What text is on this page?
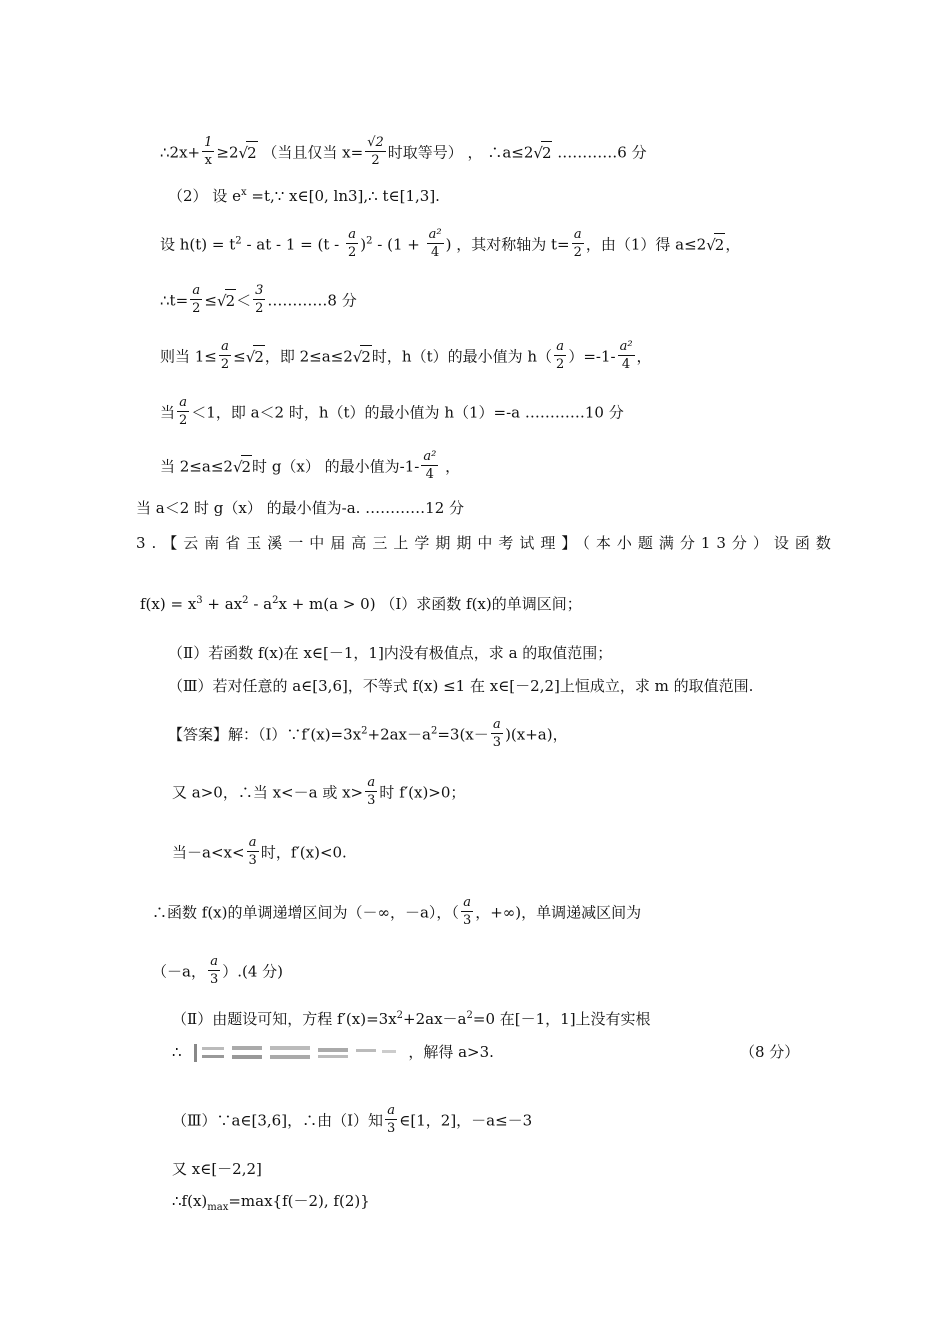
∴2x+ $\frac{1}{x} \ge 2√2$ （当且仅当 $x= \frac{√2}{2}$ 时取等号） ， ∴a≤2√2 …………6 分
（2） 设 $e^x$ =t,∵ x∈[0, ln3],∴ t∈[1,3].
设 $h(t) = t^2$ - at - $1 = (t - \frac{a}{2} )^2 - (1 + \frac{\text{a²}}{4}$ ) ，其对称轴为 $t= \frac{a}{2}$ ，由（1）得 a≤2√2，
∴t= $\frac{a}{2} \le√2< \frac{3}{2}$ …………8 分
则当 $1\le \frac{a}{2} \le√2$，即 2≤a≤2√2时，h（t）的最小值为 $h( \frac{a}{2} )=-1- \frac{\text{a²}}{4}$ ，
当 $\frac{a}{2} <1$，即 a＜2 时，h（t）的最小值为 h（1）=-a …………10 分
当 2≤a≤2√2时 g（x） 的最小值为$-1- \frac{\text{a²}}{4}$ ，
当 a＜2 时 g（x） 的最小值为-a. …………12 分
3.【云南省玉溪一中届高三上学期期中考试理】（本小题满分13分）设函数
$f(x) = x^3 + ax^2 - a^2x + m(a > 0)$ （Ⅰ）求函数 f(x)的单调区间；
（Ⅱ）若函数 f(x)在 x∈[－1，1]内没有极值点，求 a 的取值范围；
（Ⅲ）若对任意的 a∈[3,6]，不等式 f(x) ≤1 在 x∈[－2,2]上恒成立，求 m 的取值范围.
【答案】解：$(Ⅰ)\because f'(x)=3x^2+2ax-a^2=3(x- \frac{a}{3} )(x+a)$，
又 a>0，∴当 x<－a 或 $x> \frac{a}{3}$ 时 f′(x)>0；
当$-a<x< \frac{a}{3}$ 时，f′(x)<0.
∴函数 f(x)的单调递增区间为（－∞，－a），（ $\frac{a}{3}$ ，+∞)，单调递减区间为
（－a， $\frac{a}{3} ).(4$ 分)
（Ⅱ）由题设可知，方程 $f'(x)=3x^2+2ax-a^2=0$ 在[－1，1]上没有实根
∴	，解得 a>3.	（8 分）
（Ⅲ）∵a∈[3,6]，∴由（Ⅰ）知 $\frac{a}{3}$ ∈[1，2]，－a≤－3
又 x∈[－2,2]
$\therefore f(x)_{max}=\max\{f(-2)$, f(2)}
